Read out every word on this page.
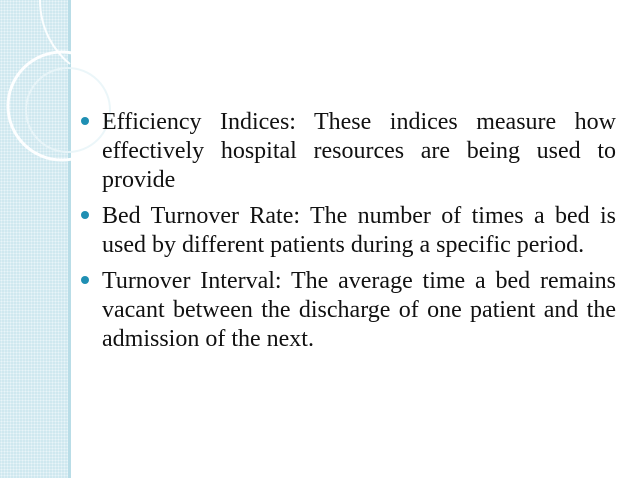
Efficiency Indices: These indices measure how effectively hospital resources are being used to provide
Bed Turnover Rate: The number of times a bed is used by different patients during a specific period.
Turnover Interval: The average time a bed remains vacant between the discharge of one patient and the admission of the next.
